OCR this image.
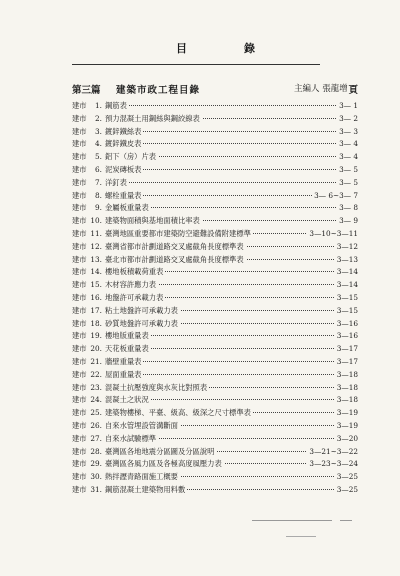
目	錄
第三篇 建築市政工程目錄	主編人 張龍增 頁
建市	1. 鋼筋表	3— 1
建市	2. 預力混凝土用鋼絲與鋼絞線表	3— 2
建市	3. 鍍鋅鐵絲表	3— 3
建市	4. 鍍鋅鐵皮表	3— 4
建市	5. 鋁下（房）片表	3— 4
建市	6. 泥炭磚板表	3— 5
建市	7. 洋釘表	3— 5
建市	8. 螺栓重量表	3— 6~3— 7
建市	9. 金屬板重量表	3— 8
建市 10. 建築物面積與基地面積比率表	3— 9
建市 11. 臺灣地區重要都市建築防空避難設備附建標準	3—10~3—11
建市 12. 臺灣省都市計劃道路交叉處截角長度標準表	3—12
建市 13. 臺北市都市計劃道路交叉處截角長度標準表	3—13
建市 14. 樓地板積載荷重表	3—14
建市 15. 木材容許應力表	3—14
建市 16. 地盤許可承載力表	3—15
建市 17. 粘土地盤許可承載力表	3—15
建市 18. 砂質地盤許可承載力表	3—16
建市 19. 樓地版重量表	3—16
建市 20. 天花板重量表	3—17
建市 21. 牆壁重量表	3—17
建市 22. 屋面重量表	3—18
建市 23. 混凝土抗壓強度與水灰比對照表	3—18
建市 24. 混凝土之狀況	3—18
建市 25. 建築物樓梯、平臺、級高、級深之尺寸標準表	3—19
建市 26. 自來水管埋設管溝斷面	3—19
建市 27. 自來水試驗標準	3—20
建市 28. 臺灣區各地地震分區圖及分區說明	3—21~3—22
建市 29. 臺灣區各風力區及各極高度風壓力表	3—23~3—24
建市 30. 熱拌瀝青路面施工概要	3—25
建市 31. 鋼筋混凝土建築物用料數	3—25
